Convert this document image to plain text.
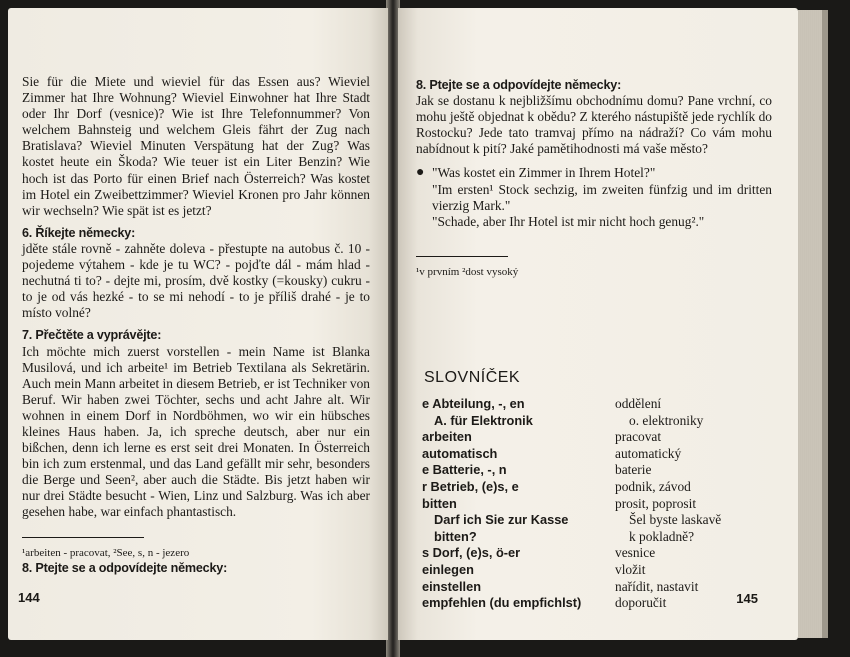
Sie für die Miete und wieviel für das Essen aus? Wieviel Zimmer hat Ihre Wohnung? Wieviel Einwohner hat Ihre Stadt oder Ihr Dorf (vesnice)? Wie ist Ihre Telefonnummer? Von welchem Bahnsteig und welchem Gleis fährt der Zug nach Bratislava? Wieviel Minuten Verspätung hat der Zug? Was kostet heute ein Škoda? Wie teuer ist ein Liter Benzin? Wie hoch ist das Porto für einen Brief nach Österreich? Was kostet im Hotel ein Zweibettzimmer? Wieviel Kronen pro Jahr können wir wechseln? Wie spät ist es jetzt?

6. Říkejte německy:

jděte stále rovně - zahněte doleva - přestupte na autobus č. 10 - pojedeme výtahem - kde je tu WC? - pojďte dál - mám hlad - nechutná ti to? - dejte mi, prosím, dvě kostky (=kousky) cukru - to je od vás hezké - to se mi nehodí - to je příliš drahé - je to místo volné?

7. Přečtěte a vyprávějte:

Ich möchte mich zuerst vorstellen - mein Name ist Blanka Musilová, und ich arbeite¹ im Betrieb Textilana als Sekretärin. Auch mein Mann arbeitet in diesem Betrieb, er ist Techniker von Beruf. Wir haben zwei Töchter, sechs und acht Jahre alt. Wir wohnen in einem Dorf in Nordböhmen, wo wir ein hübsches kleines Haus haben. Ja, ich spreche deutsch, aber nur ein bißchen, denn ich lerne es erst seit drei Monaten. In Österreich bin ich zum erstenmal, und das Land gefällt mir sehr, besonders die Berge und Seen², aber auch die Städte. Bis jetzt haben wir nur drei Städte besucht - Wien, Linz und Salzburg. Was ich aber gesehen habe, war einfach phantastisch.

¹arbeiten - pracovat, ²See, s, n - jezero
8. Ptejte se a odpovídejte německy:
144
8. Ptejte se a odpovídejte německy:

Jak se dostanu k nejbližšímu obchodnímu domu? Pane vrchní, co mohu ještě objednat k obědu? Z kterého nástupiště jede rychlík do Rostocku? Jede tato tramvaj přímo na nádraží? Co vám mohu nabídnout k pití? Jaké pamětihodnosti má vaše město?

● "Was kostet ein Zimmer in Ihrem Hotel?"

"Im ersten¹ Stock sechzig, im zweiten fünfzig und im dritten vierzig Mark."

"Schade, aber Ihr Hotel ist mir nicht hoch genug²."

¹v prvním ²dost vysoký
SLOVNÍČEK
e Abteilung, -, en
A. für Elektronik
arbeiten
automatisch
e Batterie, -, n
r Betrieb, (e)s, e
bitten
Darf ich Sie zur Kasse
bitten?
s Dorf, (e)s, ö-er
einlegen
einstellen
empfehlen (du empfichlst)
oddělení
o. elektroniky
pracovat
automatický
baterie
podnik, závod
prosit, poprosit
Šel byste laskavě
k pokladně?
vesnice
vložit
nařídit, nastavit
doporučit	145
